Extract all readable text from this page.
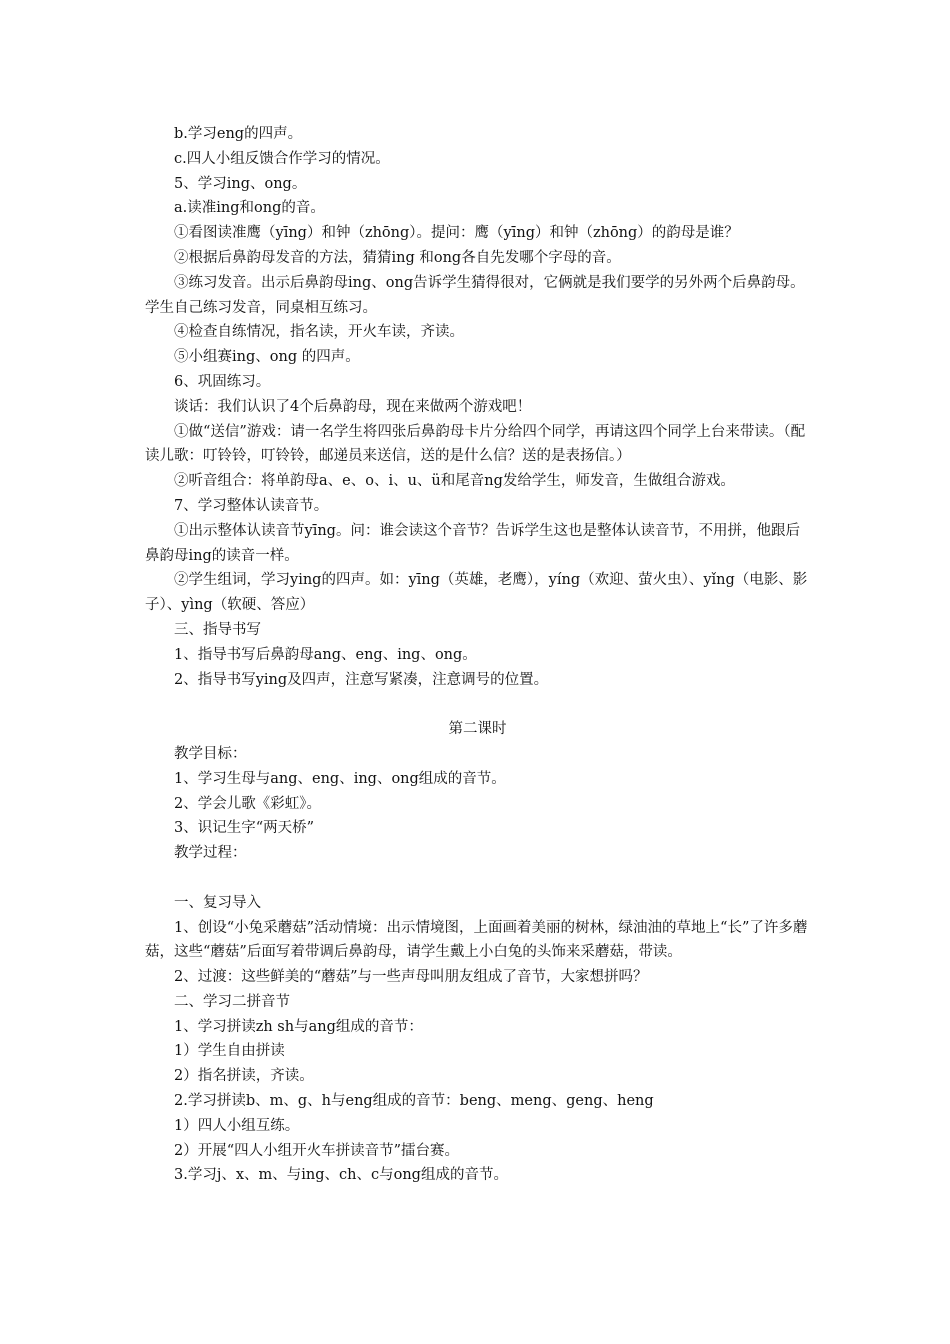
b.学习eng的四声。
c.四人小组反馈合作学习的情况。
5、学习ing、ong。
a.读准ing和ong的音。
①看图读准鹰（yīng）和钟（zhōng）。提问：鹰（yīng）和钟（zhōng）的韵母是谁？
②根据后鼻韵母发音的方法，猜猜ing 和ong各自先发哪个字母的音。
③练习发音。出示后鼻韵母ing、ong告诉学生猜得很对，它俩就是我们要学的另外两个后鼻韵母。学生自己练习发音，同桌相互练习。
④检查自练情况，指名读，开火车读，齐读。
⑤小组赛ing、ong 的四声。
6、巩固练习。
谈话：我们认识了4个后鼻韵母，现在来做两个游戏吧！
①做“送信”游戏：请一名学生将四张后鼻韵母卡片分给四个同学，再请这四个同学上台来带读。（配读儿歌：叮铃铃，叮铃铃，邮递员来送信，送的是什么信？送的是表扬信。）
②听音组合：将单韵母a、e、o、i、u、ü和尾音ng发给学生，师发音，生做组合游戏。
7、学习整体认读音节。
①出示整体认读音节yīng。问：谁会读这个音节？告诉学生这也是整体认读音节，不用拼，他跟后鼻韵母ing的读音一样。
②学生组词，学习ying的四声。如：yīng（英雄，老鹰），yíng（欢迎、萤火虫）、yǐng（电影、影子）、yìng（软硬、答应）
三、指导书写
1、指导书写后鼻韵母ang、eng、ing、ong。
2、指导书写ying及四声，注意写紧凑，注意调号的位置。
第二课时
教学目标：
1、学习生母与ang、eng、ing、ong组成的音节。
2、学会儿歌《彩虹》。
3、识记生字“两天桥”
教学过程：
一、复习导入
1、创设“小兔采蘑菇”活动情境：出示情境图，上面画着美丽的树林，绿油油的草地上“长”了许多蘑菇，这些“蘑菇”后面写着带调后鼻韵母，请学生戴上小白兔的头饰来采蘑菇，带读。
2、过渡：这些鲜美的“蘑菇”与一些声母叫朋友组成了音节，大家想拼吗？
二、学习二拼音节
1、学习拼读zh sh与ang组成的音节：
1）学生自由拼读
2）指名拼读，齐读。
2.学习拼读b、m、g、h与eng组成的音节：beng、meng、geng、heng
1）四人小组互练。
2）开展“四人小组开火车拼读音节”擂台赛。
3.学习j、x、m、与ing、ch、c与ong组成的音节。
